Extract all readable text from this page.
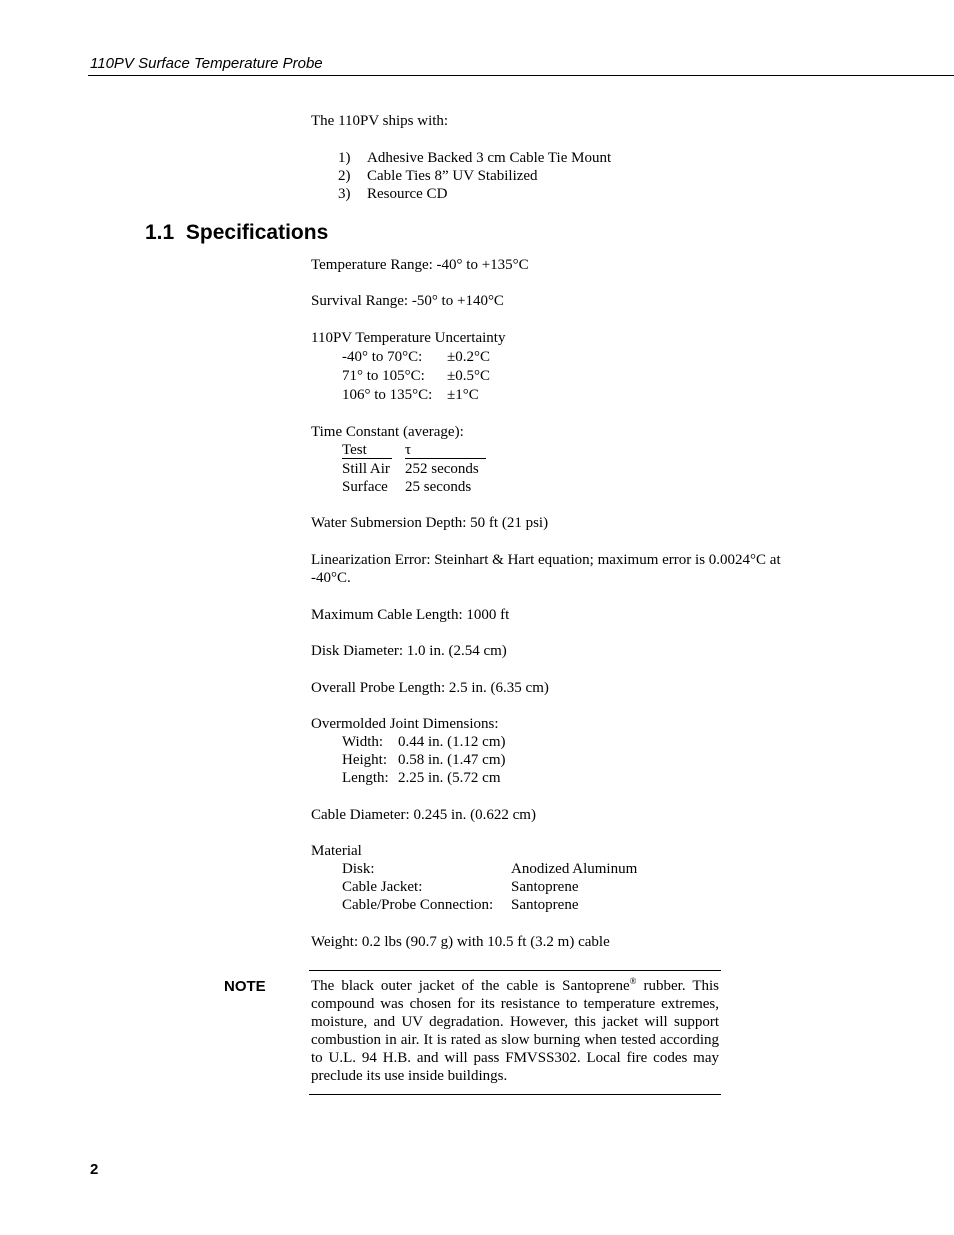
110PV Surface Temperature Probe
The 110PV ships with:
1) Adhesive Backed 3 cm Cable Tie Mount
2) Cable Ties 8” UV Stabilized
3) Resource CD
1.1 Specifications
Temperature Range: -40° to +135°C
Survival Range: -50° to +140°C
110PV Temperature Uncertainty
-40° to 70°C: ±0.2°C
71° to 105°C: ±0.5°C
106° to 135°C: ±1°C
Time Constant (average):
Test	τ
Still Air 252 seconds
Surface 25 seconds
Water Submersion Depth: 50 ft (21 psi)
Linearization Error: Steinhart & Hart equation; maximum error is 0.0024°C at
-40°C.
Maximum Cable Length: 1000 ft
Disk Diameter: 1.0 in. (2.54 cm)
Overall Probe Length: 2.5 in. (6.35 cm)
Overmolded Joint Dimensions:
Width: 0.44 in. (1.12 cm)
Height: 0.58 in. (1.47 cm)
Length: 2.25 in. (5.72 cm
Cable Diameter: 0.245 in. (0.622 cm)
Material
Disk:	Anodized Aluminum
Cable Jacket:	Santoprene
Cable/Probe Connection: Santoprene
Weight: 0.2 lbs (90.7 g) with 10.5 ft (3.2 m) cable
NOTE	The black outer jacket of the cable is Santoprene® rubber. This compound was chosen for its resistance to temperature extremes, moisture, and UV degradation. However, this jacket will support combustion in air. It is rated as slow burning when tested according to U.L. 94 H.B. and will pass FMVSS302. Local fire codes may preclude its use inside buildings.
2
